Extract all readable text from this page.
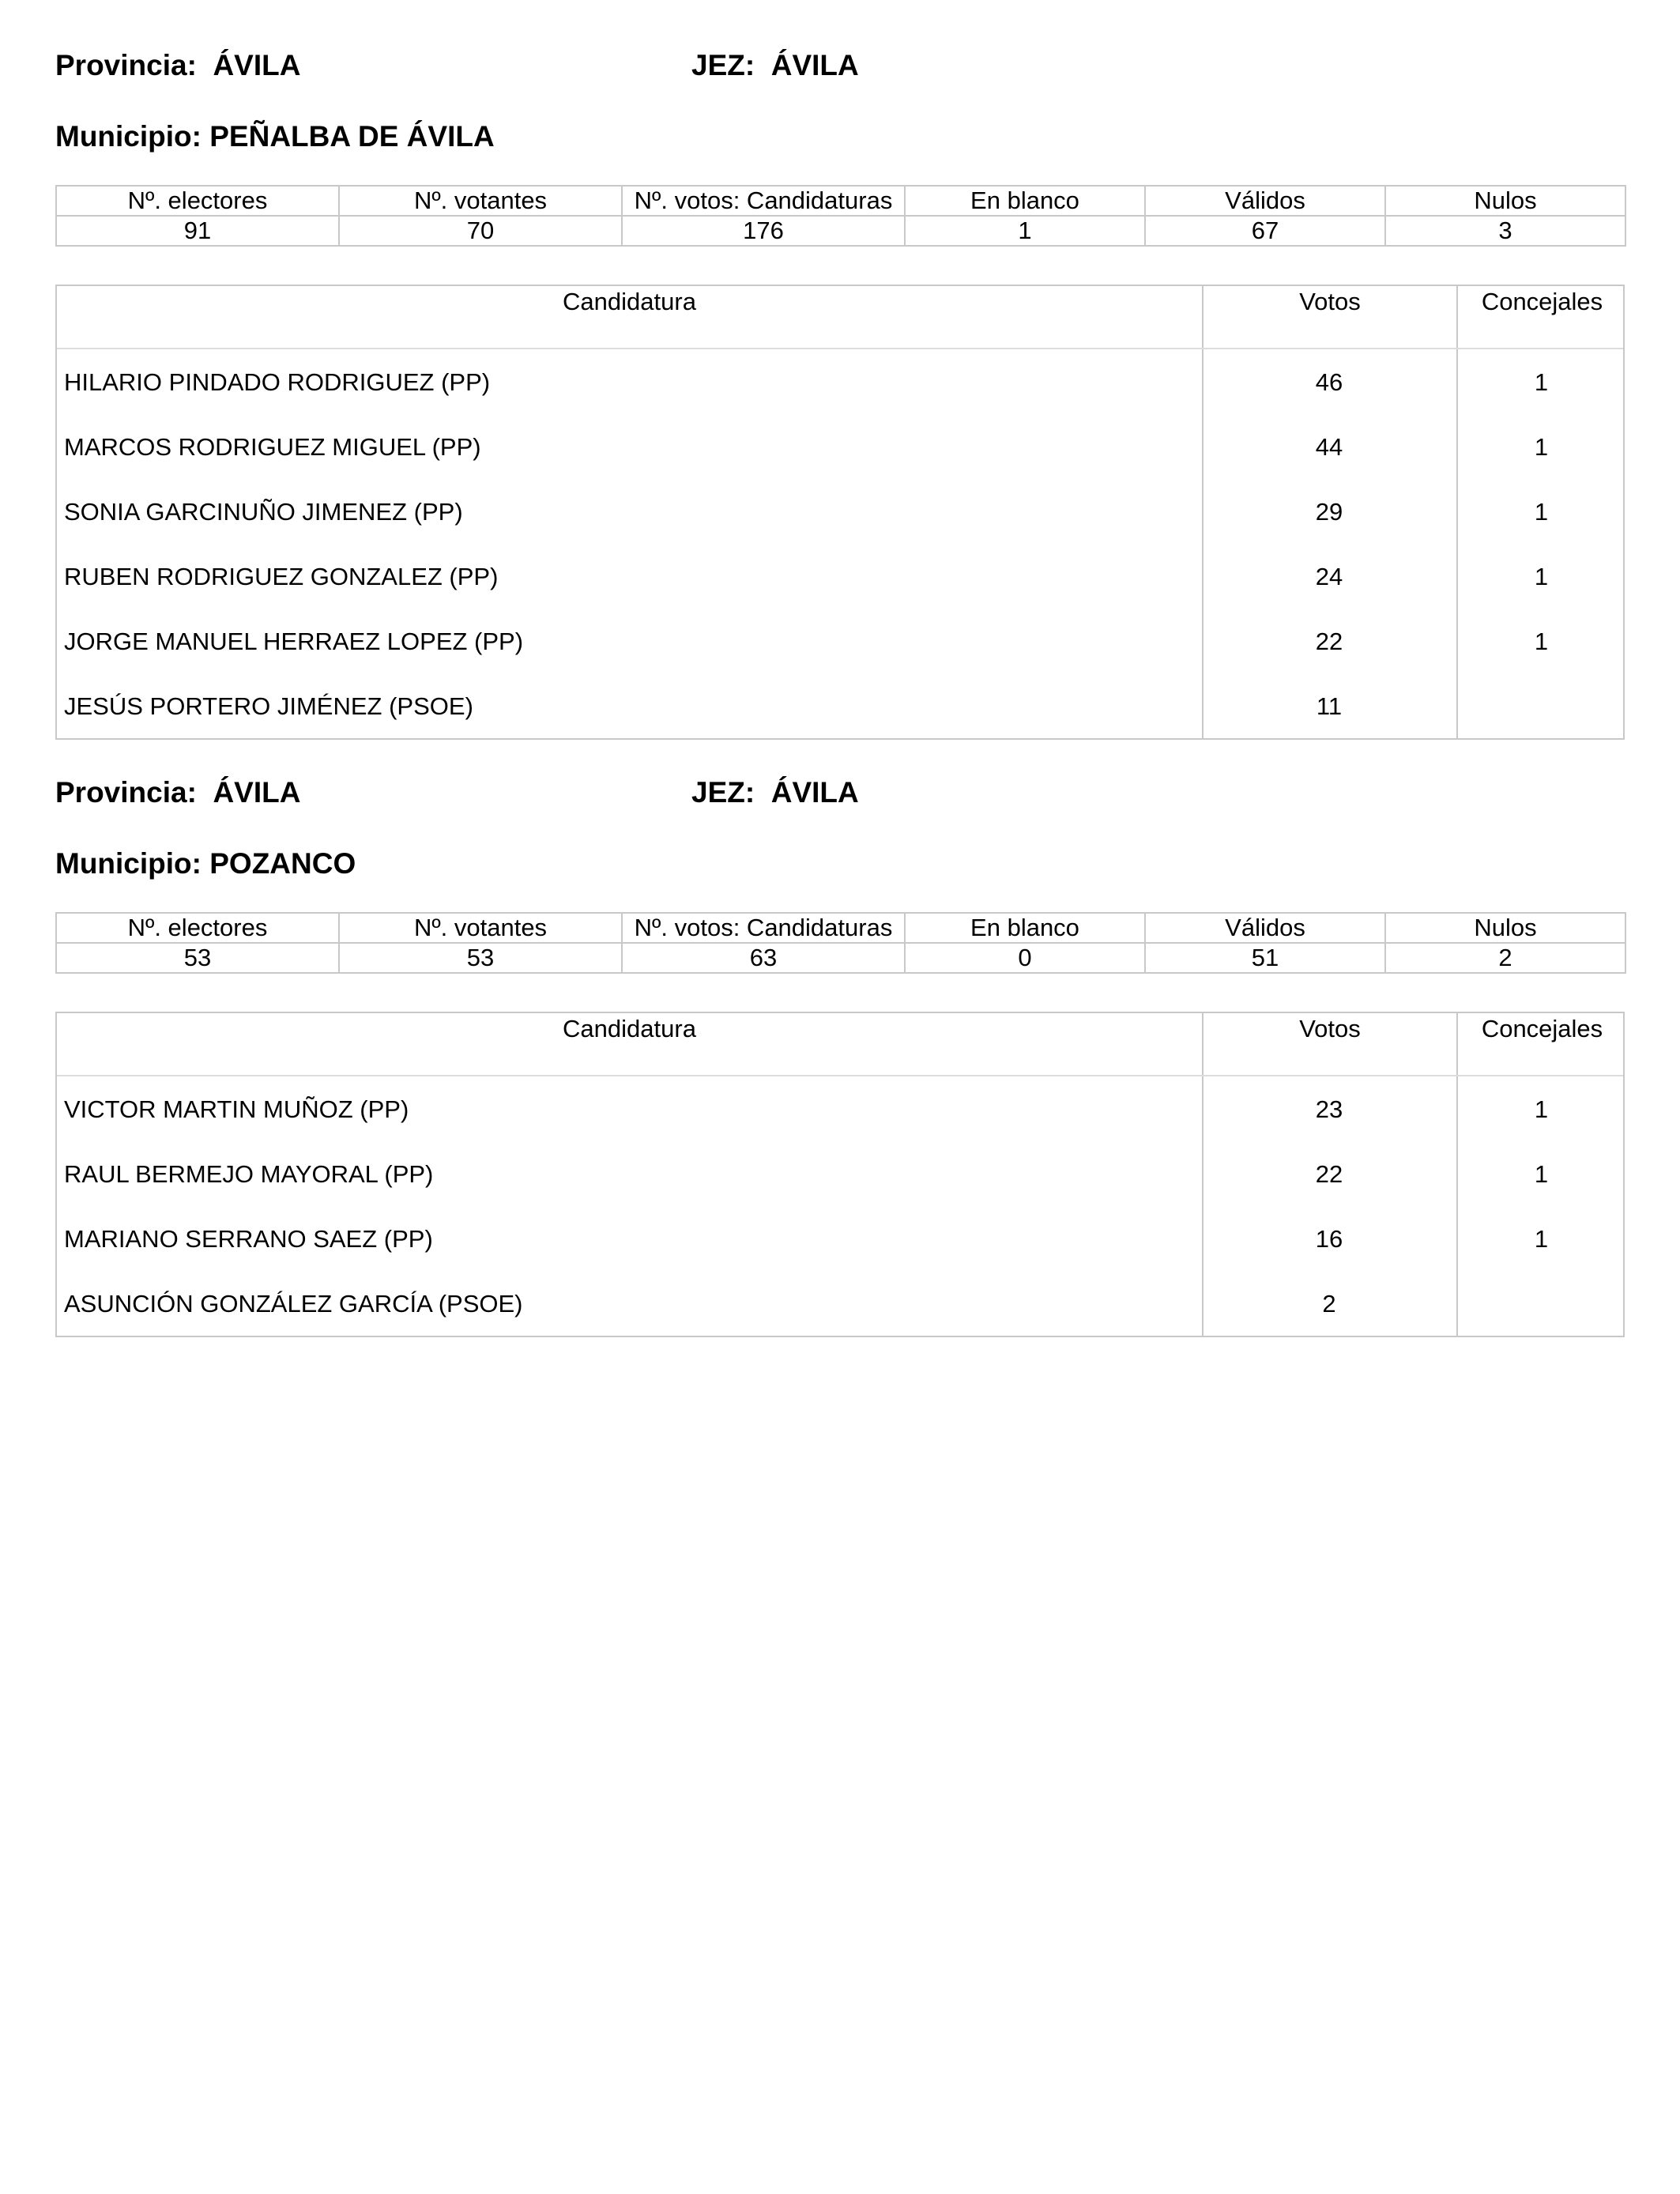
Provincia:  ÁVILA	JEZ:  ÁVILA
Municipio: PEÑALBA DE ÁVILA
Nº. electores	Nº. votantes	Nº. votos: Candidaturas	En blanco	Válidos	Nulos
91	70	176	1	67	3
Candidatura	Votos	Concejales
HILARIO PINDADO RODRIGUEZ (PP)	46	1
MARCOS RODRIGUEZ MIGUEL (PP)	44	1
SONIA GARCINUÑO JIMENEZ (PP)	29	1
RUBEN RODRIGUEZ GONZALEZ (PP)	24	1
JORGE MANUEL HERRAEZ LOPEZ (PP)	22	1
JESÚS PORTERO JIMÉNEZ (PSOE)	11
Provincia:  ÁVILA	JEZ:  ÁVILA
Municipio: POZANCO
Nº. electores	Nº. votantes	Nº. votos: Candidaturas	En blanco	Válidos	Nulos
53	53	63	0	51	2
Candidatura	Votos	Concejales
VICTOR MARTIN MUÑOZ (PP)	23	1
RAUL BERMEJO MAYORAL (PP)	22	1
MARIANO SERRANO SAEZ (PP)	16	1
ASUNCIÓN GONZÁLEZ GARCÍA (PSOE)	2
